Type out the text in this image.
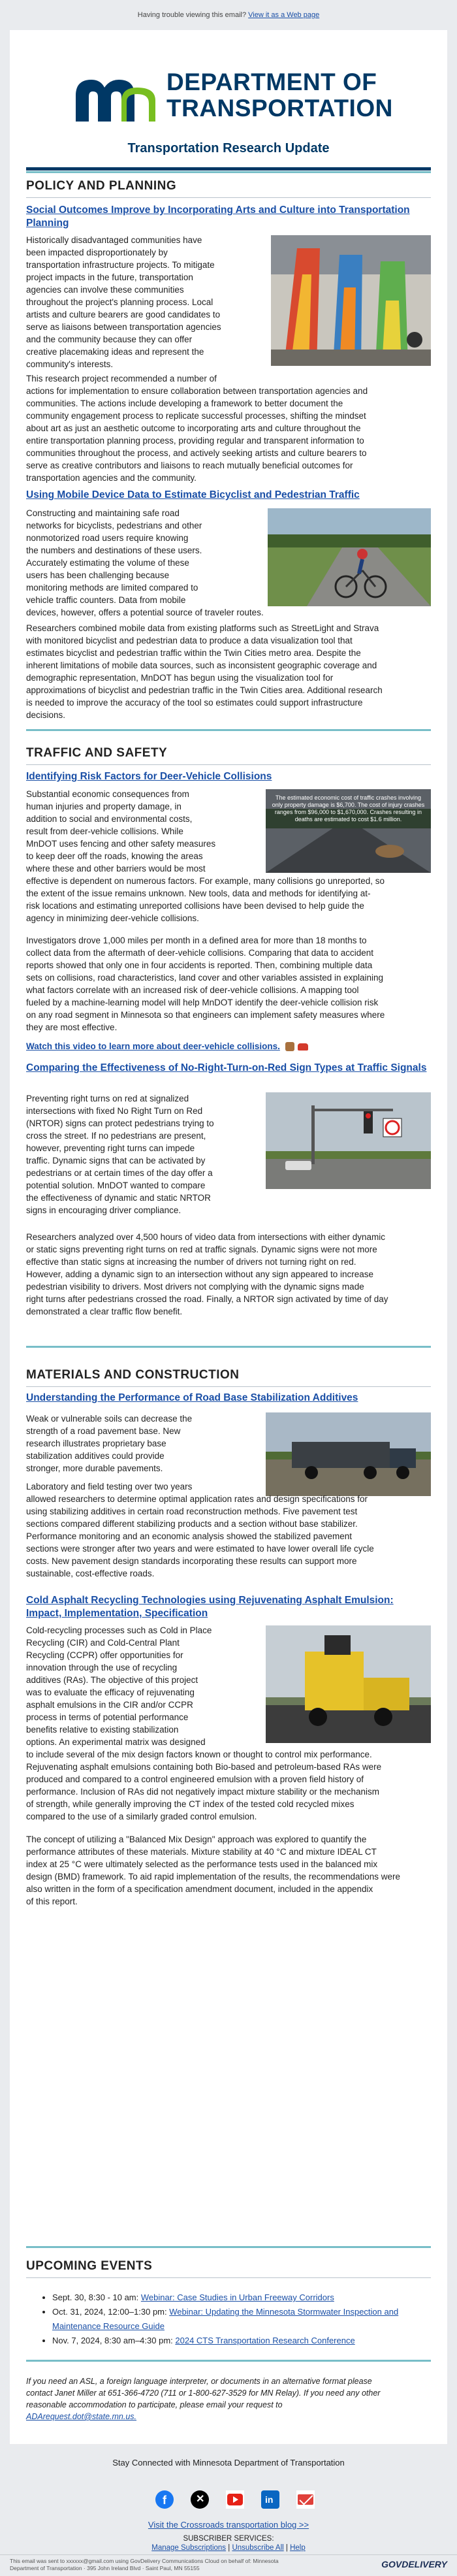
Having trouble viewing this email? View it as a Web page
DEPARTMENT OF
TRANSPORTATION
Transportation Research Update
POLICY AND PLANNING
Social Outcomes Improve by Incorporating Arts and Culture into Transportation Planning
Historically disadvantaged communities have
been impacted disproportionately by
transportation infrastructure projects. To mitigate
project impacts in the future, transportation
agencies can involve these communities
throughout the project's planning process. Local
artists and culture bearers are good candidates to
serve as liaisons between transportation agencies
and the community because they can offer
creative placemaking ideas and represent the
community's interests.
This research project recommended a number of
actions for implementation to ensure collaboration between transportation agencies and
communities. The actions include developing a framework to better document the
community engagement process to replicate successful processes, shifting the mindset
about art as just an aesthetic outcome to incorporating arts and culture throughout the
entire transportation planning process, providing regular and transparent information to
communities throughout the process, and actively seeking artists and culture bearers to
serve as creative contributors and liaisons to reach mutually beneficial outcomes for
transportation agencies and the community.
Using Mobile Device Data to Estimate Bicyclist and Pedestrian Traffic
Constructing and maintaining safe road
networks for bicyclists, pedestrians and other
nonmotorized road users require knowing
the numbers and destinations of these users.
Accurately estimating the volume of these
users has been challenging because
monitoring methods are limited compared to
vehicle traffic counters. Data from mobile
devices, however, offers a potential source of traveler routes.
Researchers combined mobile data from existing platforms such as StreetLight and Strava
with monitored bicyclist and pedestrian data to produce a data visualization tool that
estimates bicyclist and pedestrian traffic within the Twin Cities metro area. Despite the
inherent limitations of mobile data sources, such as inconsistent geographic coverage and
demographic representation, MnDOT has begun using the visualization tool for
approximations of bicyclist and pedestrian traffic in the Twin Cities area. Additional research
is needed to improve the accuracy of the tool so estimates could support infrastructure
decisions.
TRAFFIC AND SAFETY
Identifying Risk Factors for Deer-Vehicle Collisions
Substantial economic consequences from
human injuries and property damage, in
addition to social and environmental costs,
result from deer-vehicle collisions. While
MnDOT uses fencing and other safety measures
to keep deer off the roads, knowing the areas
where these and other barriers would be most
effective is dependent on numerous factors. For example, many collisions go unreported, so
the extent of the issue remains unknown. New tools, data and methods for identifying at-
risk locations and estimating unreported collisions have been devised to help guide the
agency in minimizing deer-vehicle collisions.
The estimated economic cost of traffic crashes involving only property damage is $6,700. The cost of injury crashes ranges from $96,000 to $1,670,000. Crashes resulting in deaths are estimated to cost $1.6 million.
Investigators drove 1,000 miles per month in a defined area for more than 18 months to
collect data from the aftermath of deer-vehicle collisions. Comparing that data to accident
reports showed that only one in four accidents is reported. Then, combining multiple data
sets on collisions, road characteristics, land cover and other variables assisted in explaining
what factors correlate with an increased risk of deer-vehicle collisions. A mapping tool
fueled by a machine-learning model will help MnDOT identify the deer-vehicle collision risk
on any road segment in Minnesota so that engineers can implement safety measures where
they are most effective.
Watch this video to learn more about deer-vehicle collisions.
Comparing the Effectiveness of No-Right-Turn-on-Red Sign Types at Traffic Signals
Preventing right turns on red at signalized
intersections with fixed No Right Turn on Red
(NRTOR) signs can protect pedestrians trying to
cross the street. If no pedestrians are present,
however, preventing right turns can impede
traffic. Dynamic signs that can be activated by
pedestrians or at certain times of the day offer a
potential solution. MnDOT wanted to compare
the effectiveness of dynamic and static NRTOR
signs in encouraging driver compliance.
Researchers analyzed over 4,500 hours of video data from intersections with either dynamic
or static signs preventing right turns on red at traffic signals. Dynamic signs were not more
effective than static signs at increasing the number of drivers not turning right on red.
However, adding a dynamic sign to an intersection without any sign appeared to increase
pedestrian visibility to drivers. Most drivers not complying with the dynamic signs made
right turns after pedestrians crossed the road. Finally, a NRTOR sign activated by time of day
demonstrated a clear traffic flow benefit.
MATERIALS AND CONSTRUCTION
Understanding the Performance of Road Base Stabilization Additives
Weak or vulnerable soils can decrease the
strength of a road pavement base. New
research illustrates proprietary base
stabilization additives could provide
stronger, more durable pavements.
Laboratory and field testing over two years
allowed researchers to determine optimal application rates and design specifications for
using stabilizing additives in certain road reconstruction methods. Five pavement test
sections compared different stabilizing products and a section without base stabilizer.
Performance monitoring and an economic analysis showed the stabilized pavement
sections were stronger after two years and were estimated to have lower overall life cycle
costs. New pavement design standards incorporating these results can support more
sustainable, cost-effective roads.
Cold Asphalt Recycling Technologies using Rejuvenating Asphalt Emulsion: Impact, Implementation, Specification
Cold-recycling processes such as Cold in Place
Recycling (CIR) and Cold-Central Plant
Recycling (CCPR) offer opportunities for
innovation through the use of recycling
additives (RAs). The objective of this project
was to evaluate the efficacy of rejuvenating
asphalt emulsions in the CIR and/or CCPR
process in terms of potential performance
benefits relative to existing stabilization
options. An experimental matrix was designed
to include several of the mix design factors known or thought to control mix performance.
Rejuvenating asphalt emulsions containing both Bio-based and petroleum-based RAs were
produced and compared to a control engineered emulsion with a proven field history of
performance. Inclusion of RAs did not negatively impact mixture stability or the mechanism
of strength, while generally improving the CT index of the tested cold recycled mixes
compared to the use of a similarly graded control emulsion.
The concept of utilizing a "Balanced Mix Design" approach was explored to quantify the
performance attributes of these materials. Mixture stability at 40 °C and mixture IDEAL CT
index at 25 °C were ultimately selected as the performance tests used in the balanced mix
design (BMD) framework. To aid rapid implementation of the results, the recommendations were
also written in the form of a specification amendment document, included in the appendix
of this report.
UPCOMING EVENTS
• Sept. 30, 8:30 - 10 am: Webinar: Case Studies in Urban Freeway Corridors
• Oct. 31, 2024, 12:00–1:30 pm: Webinar: Updating the Minnesota Stormwater Inspection and Maintenance Resource Guide
• Nov. 7, 2024, 8:30 am–4:30 pm: 2024 CTS Transportation Research Conference
If you need an ASL, a foreign language interpreter, or documents in an alternative format please
contact Janet Miller at 651-366-4720 (711 or 1-800-627-3529 for MN Relay). If you need any other
reasonable accommodation to participate, please email your request to
ADArequest.dot@state.mn.us.
Stay Connected with Minnesota Department of Transportation
f	✕	in
Visit the Crossroads transportation blog >>
SUBSCRIBER SERVICES:
Manage Subscriptions | Unsubscribe All | Help
This email was sent to xxxxxx@gmail.com using GovDelivery Communications Cloud on behalf of: Minnesota
Department of Transportation · 395 John Ireland Blvd · Saint Paul, MN 55155	GOVDELIVERY
